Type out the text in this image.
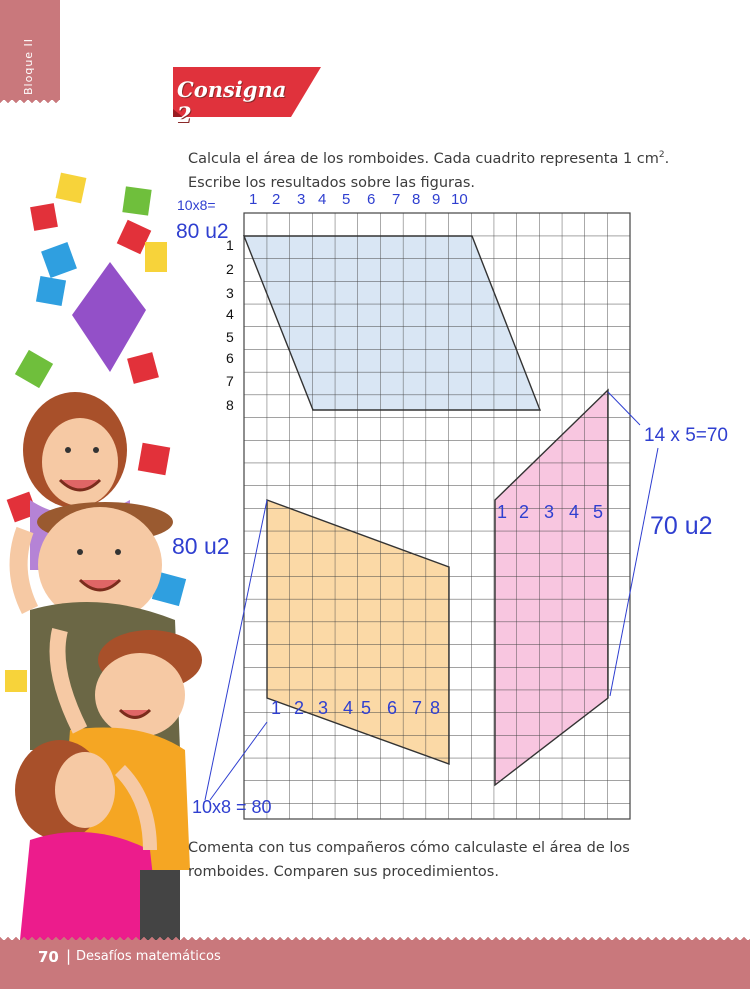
Bloque II	Consigna 2
Calcula el área de los romboides. Cada cuadrito representa 1 $cm^2$.
Escribe los resultados sobre las figuras.
10x8=
80 u2
1 2 3 4 5 6 7 8 9 10
1
2
3
4
5
6
7
8
14 x 5=70
70 u2
1 2 3 4 5
80 u2
1 2 3 4 5 6 7 8
10x8 = 80
Comenta con tus compañeros cómo calculaste el área de los
romboides. Comparen sus procedimientos.
70 | Desafíos matemáticos
